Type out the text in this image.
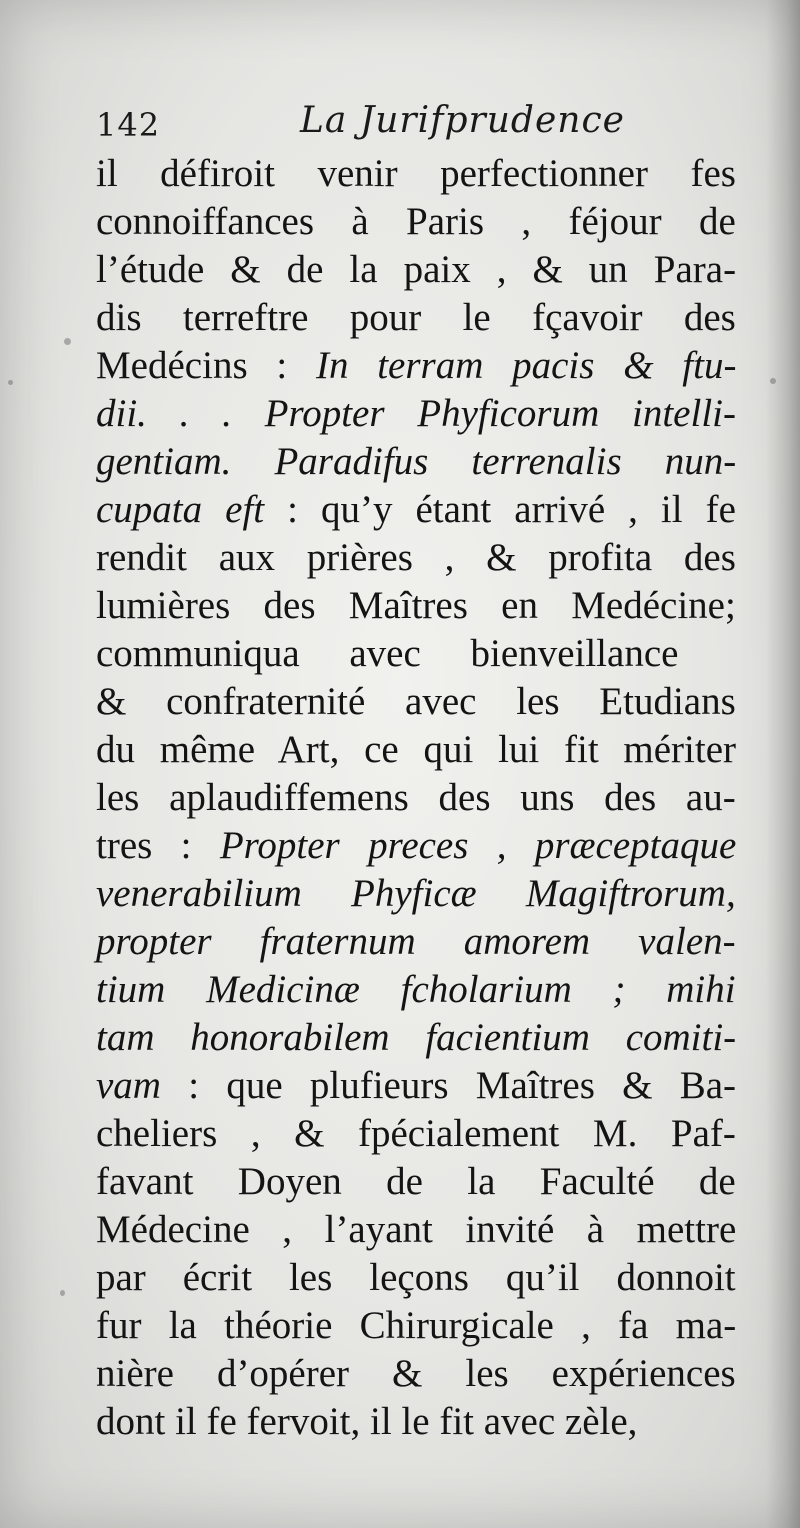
142	La Jurifprudence
il défiroit venir perfectionner fes
connoiffances à Paris , féjour de
l’étude & de la paix , & un Para-
dis terreftre pour le fçavoir des
Medécins : In terram pacis & ftu-
dii. . . Propter Phyficorum intelli-
gentiam. Paradifus terrenalis nun-
cupata eft : qu’y étant arrivé , il fe
rendit aux prières , & profita des
lumières des Maîtres en Medécine;
communiqua avec bienveillance
& confraternité avec les Etudians
du même Art, ce qui lui fit mériter
les aplaudiffemens des uns des au-
tres : Propter preces , præceptaque
venerabilium Phyficæ Magiftrorum,
propter fraternum amorem valen-
tium Medicinæ fcholarium ; mihi
tam honorabilem facientium comiti-
vam : que plufieurs Maîtres & Ba-
cheliers , & fpécialement M. Paf-
favant Doyen de la Faculté de
Médecine , l’ayant invité à mettre
par écrit les leçons qu’il donnoit
fur la théorie Chirurgicale , fa ma-
nière d’opérer & les expériences
dont il fe fervoit, il le fit avec zèle,
